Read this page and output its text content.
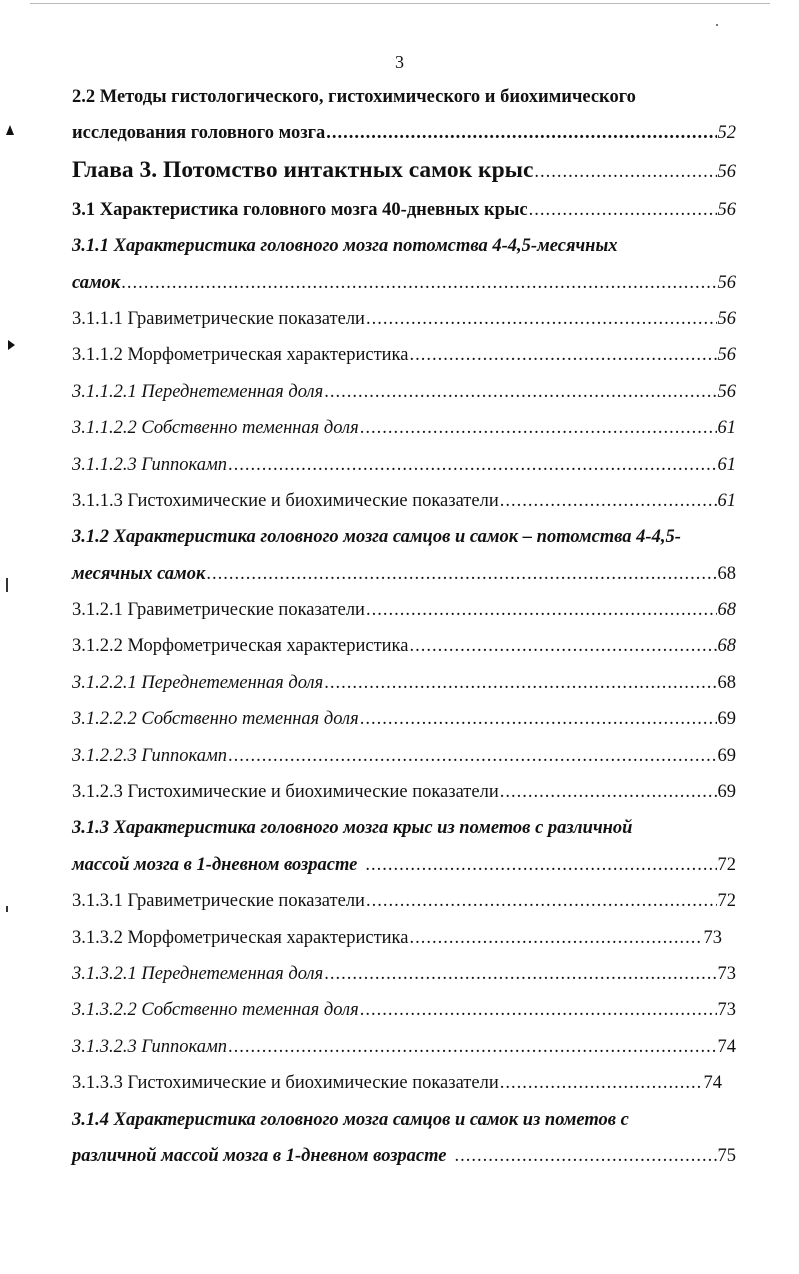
3
2.2 Методы гистологического, гистохимического и биохимического
исследования головного мозга .....	52
Глава 3. Потомство интактных самок крыс .....	56
3.1 Характеристика головного мозга 40-дневных крыс .....	56
3.1.1 Характеристика головного мозга потомства 4-4,5-месячных
самок .....	56
3.1.1.1 Гравиметрические показатели .....	56
3.1.1.2 Морфометрическая характеристика .....	56
3.1.1.2.1 Переднетеменная доля .....	56
3.1.1.2.2 Собственно теменная доля .....	61
3.1.1.2.3 Гиппокамп .....	61
3.1.1.3 Гистохимические и биохимические показатели .....	61
3.1.2 Характеристика головного мозга самцов и самок – потомства 4-4,5-
месячных самок .....	68
3.1.2.1 Гравиметрические показатели .....	68
3.1.2.2 Морфометрическая характеристика .....	68
3.1.2.2.1 Переднетеменная доля .....	68
3.1.2.2.2 Собственно теменная доля .....	69
3.1.2.2.3 Гиппокамп .....	69
3.1.2.3 Гистохимические и биохимические показатели .....	69
3.1.3 Характеристика головного мозга крыс из пометов с различной
массой мозга в 1-дневном возрасте .....	72
3.1.3.1 Гравиметрические показатели .....	72
3.1.3.2 Морфометрическая характеристика .....	73
3.1.3.2.1 Переднетеменная доля .....	73
3.1.3.2.2 Собственно теменная доля .....	73
3.1.3.2.3 Гиппокамп .....	74
3.1.3.3 Гистохимические и биохимические показатели .....	74
3.1.4 Характеристика головного мозга самцов и самок из пометов с
различной массой мозга в 1-дневном возрасте .....	75
